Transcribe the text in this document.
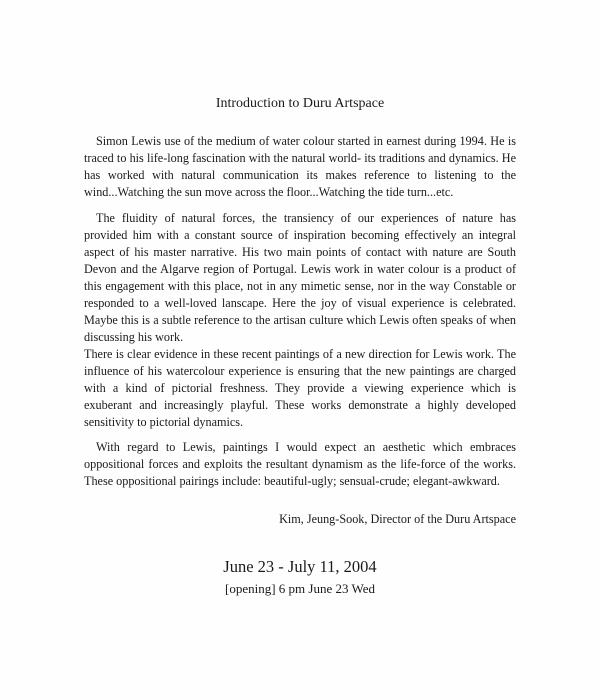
Introduction to Duru Artspace

Simon Lewis use of the medium of water colour started in earnest during 1994. He is traced to his life-long fascination with the natural world- its traditions and dynamics. He has worked with natural communication its makes reference to listening to the wind...Watching the sun move across the floor...Watching the tide turn...etc.

The fluidity of natural forces, the transiency of our experiences of nature has provided him with a constant source of inspiration becoming effectively an integral aspect of his master narrative. His two main points of contact with nature are South Devon and the Algarve region of Portugal. Lewis work in water colour is a product of this engagement with this place, not in any mimetic sense, nor in the way Constable or responded to a well-loved lanscape. Here the joy of visual experience is celebrated. Maybe this is a subtle reference to the artisan culture which Lewis often speaks of when discussing his work.

There is clear evidence in these recent paintings of a new direction for Lewis work. The influence of his watercolour experience is ensuring that the new paintings are charged with a kind of pictorial freshness. They provide a viewing experience which is exuberant and increasingly playful. These works demonstrate a highly developed sensitivity to pictorial dynamics.

With regard to Lewis, paintings I would expect an aesthetic which embraces oppositional forces and exploits the resultant dynamism as the life-force of the works. These oppositional pairings include: beautiful-ugly; sensual-crude; elegant-awkward.

Kim, Jeung-Sook, Director of the Duru Artspace
June 23 - July 11, 2004
[opening] 6 pm June 23 Wed
